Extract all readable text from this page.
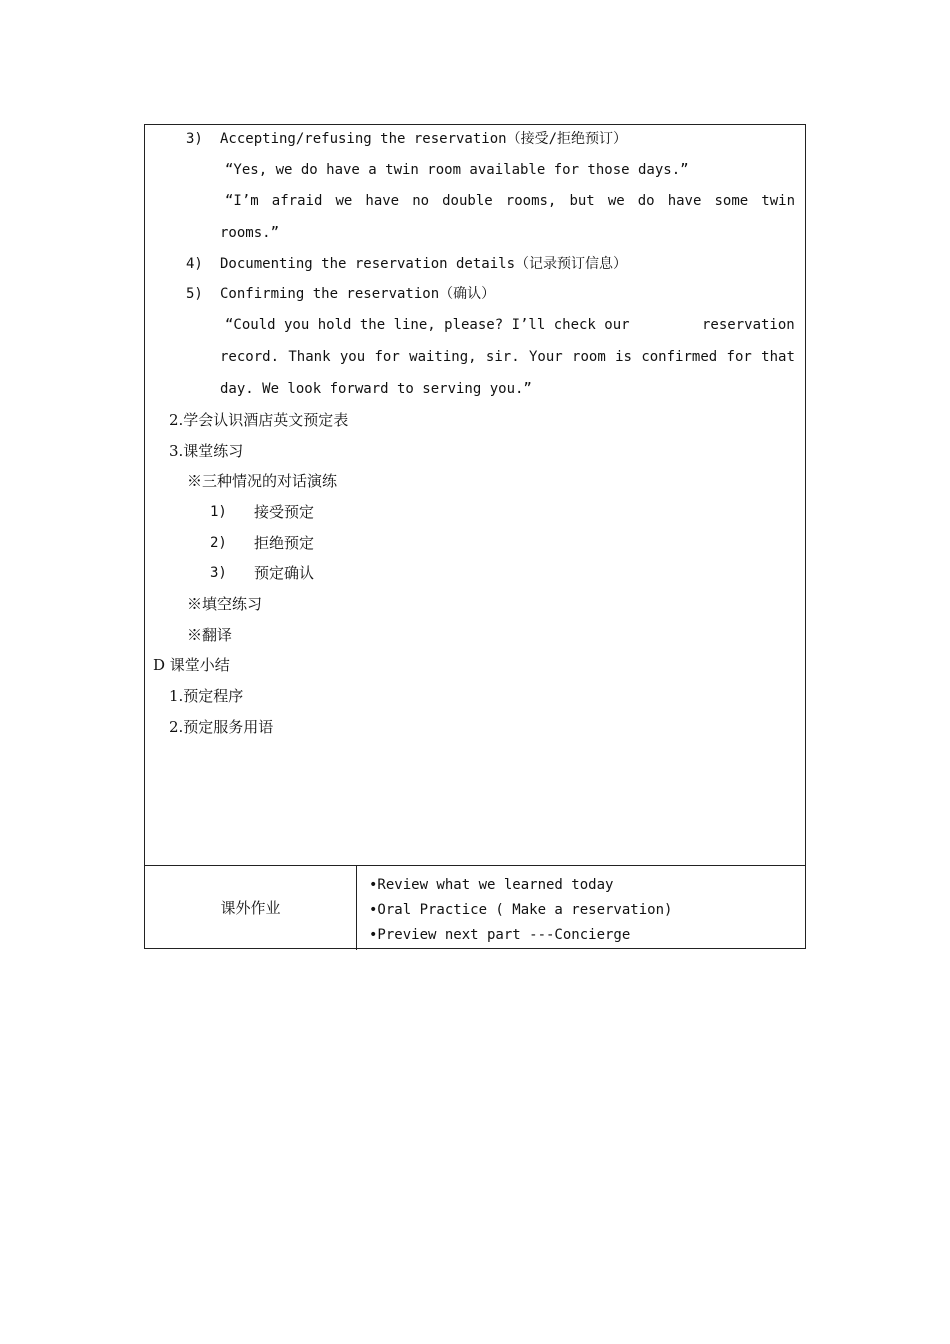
3) Accepting/refusing the reservation（接受/拒绝预订）
“Yes, we do have a twin room available for those days.”
“I’m afraid we have no double rooms, but we do have some twin
rooms.”
4) Documenting the reservation details（记录预订信息）
5) Confirming the reservation（确认）
“Could you hold the line, please? I’ll check our	reservation
record. Thank you for waiting, sir. Your room is confirmed for that
day. We look forward to serving you.”
2.学会认识酒店英文预定表
3.课堂练习
※三种情况的对话演练
1) 接受预定
2) 拒绝预定
3) 预定确认
※填空练习
※翻译
D 课堂小结
1.预定程序
2.预定服务用语
课外作业
•Review what we learned today
•Oral Practice ( Make a reservation)
•Preview next part ---Concierge
